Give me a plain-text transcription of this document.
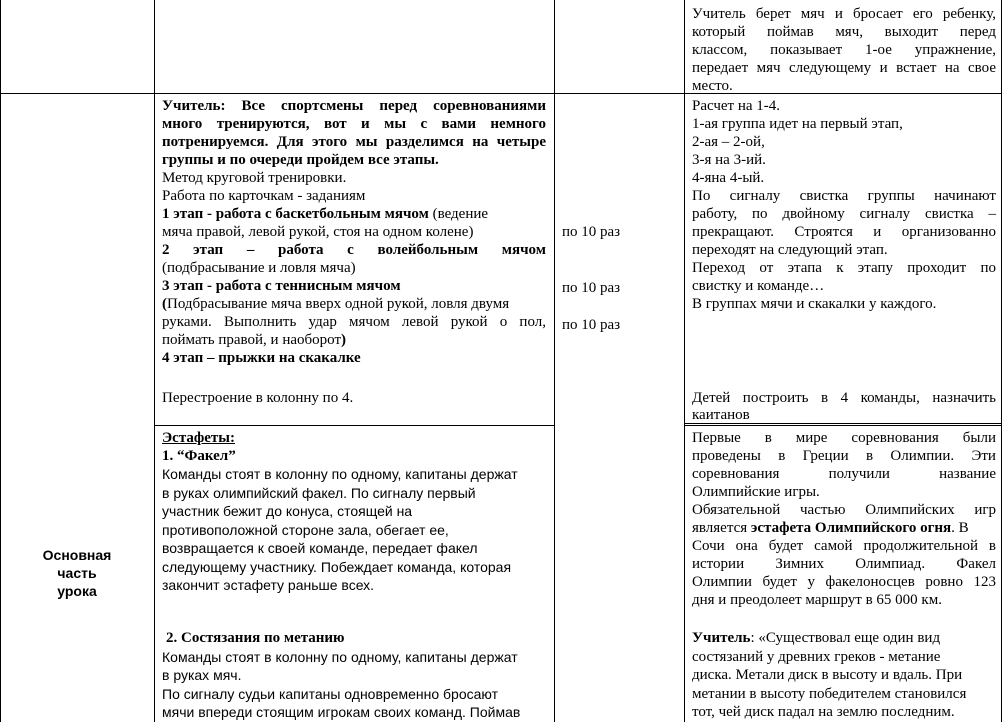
Учитель берет мяч и бросает его ребенку,
который поймав мяч, выходит перед
классом, показывает 1-ое упражнение,
передает мяч следующему и встает на свое
место.
Основная
часть
урока
Учитель: Все спортсмены перед соревнованиями
много тренируются, вот и мы с вами немного
потренируемся. Для этого мы разделимся на четыре
группы и по очереди пройдем все этапы.
Метод круговой тренировки.
Работа по карточкам - заданиям
1 этап - работа с баскетбольным мячом (ведение
мяча правой, левой рукой, стоя на одном колене)
2 этап – работа с волейбольным мячом
(подбрасывание и ловля мяча)
3 этап - работа с теннисным мячом
(Подбрасывание мяча вверх одной рукой, ловля двумя
руками. Выполнить удар мячом левой рукой о пол,
поймать правой, и наоборот)
4 этап – прыжки на скакалке
Перестроение в колонну по 4.
по 10 раз
по 10 раз
по 10 раз
Расчет на 1-4.
1-ая группа идет на первый этап,
2-ая – 2-ой,
3-я на 3-ий.
4-яна 4-ый.
По сигналу свистка группы начинают
работу, по двойному сигналу свистка –
прекращают. Строятся и организованно
переходят на следующий этап.
Переход от этапа к этапу проходит по
свистку и команде…
В группах мячи и скакалки у каждого.
Детей построить в 4 команды, назначить
каитанов
Эстафеты:
1. “Факел”
Команды стоят в колонну по одному, капитаны держат
в руках олимпийский факел. По сигналу первый
участник бежит до конуса, стоящей на
противоположной стороне зала, обегает ее,
возвращается к своей команде, передает факел
следующему участнику. Побеждает команда, которая
закончит эстафету раньше всех.
2. Состязания по метанию
Команды стоят в колонну по одному, капитаны держат
в руках мяч.
По сигналу судьи капитаны одновременно бросают
мячи впереди стоящим игрокам своих команд. Поймав
Первые в мире соревнования были
проведены в Греции в Олимпии. Эти
соревнования	получили	название
Олимпийские игры.
Обязательной частью Олимпийских игр
является эстафета Олимпийского огня. В
Сочи она будет самой продолжительной в
истории Зимних Олимпиад. Факел
Олимпии будет у факелоносцев ровно 123
дня и преодолеет маршрут в 65 000 км.
Учитель: «Существовал еще один вид
состязаний у древних греков - метание
диска. Метали диск в высоту и вдаль. При
метании в высоту победителем становился
тот, чей диск падал на землю последним.
